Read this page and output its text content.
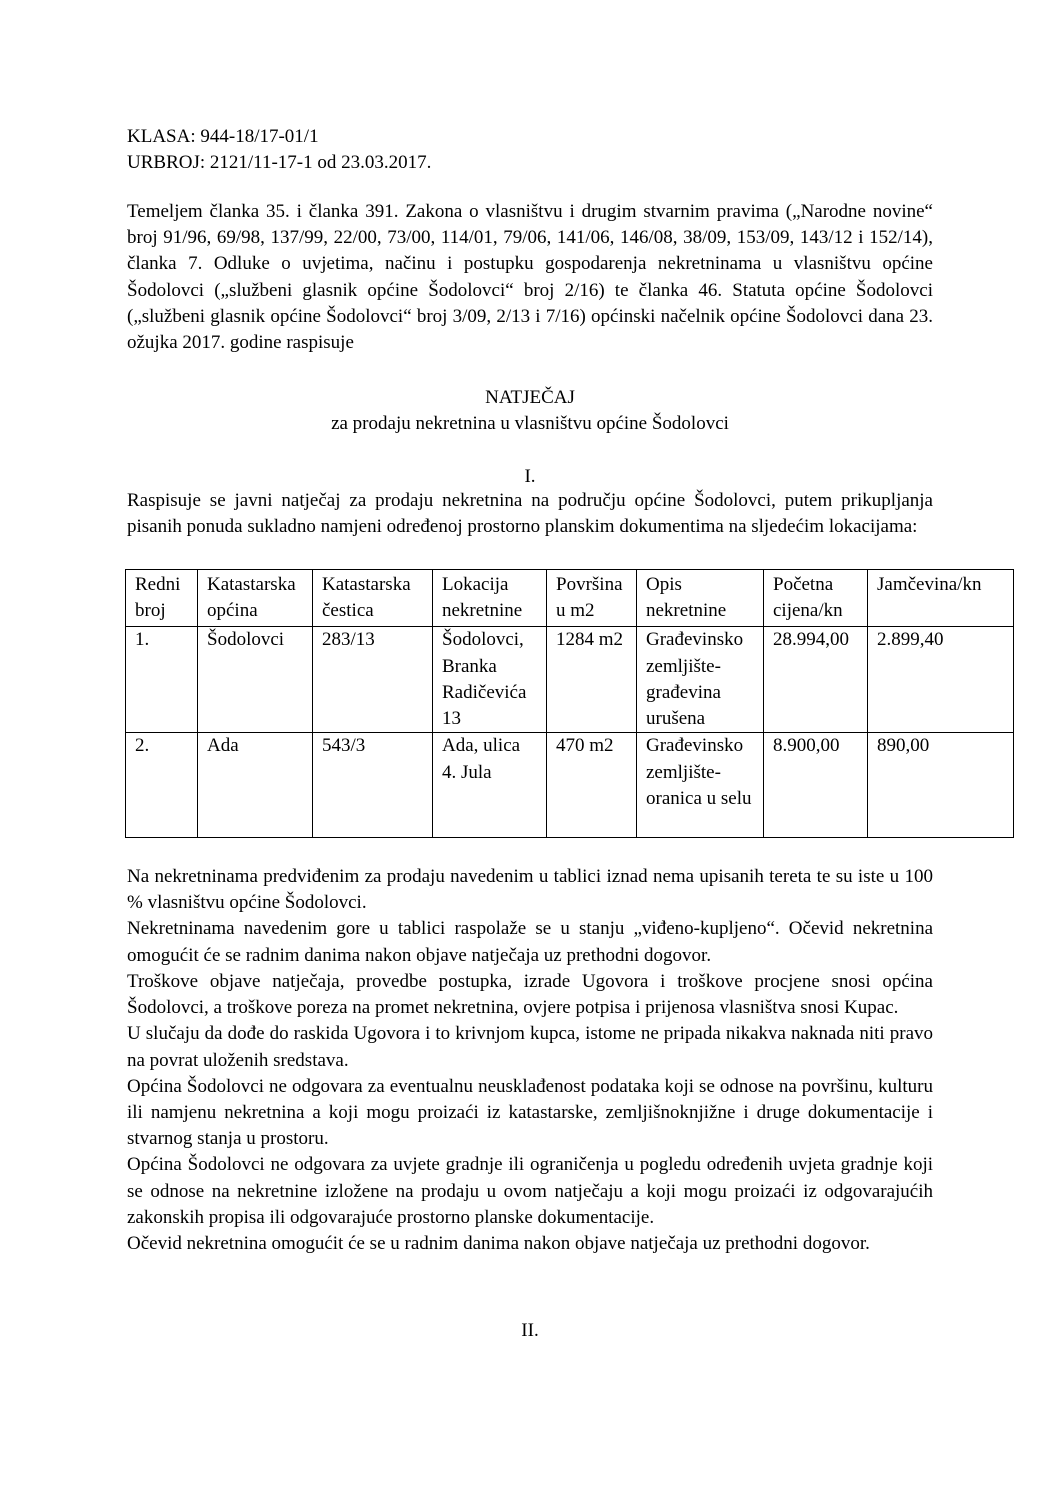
KLASA: 944-18/17-01/1
URBROJ: 2121/11-17-1 od 23.03.2017.
Temeljem članka 35. i članka 391. Zakona o vlasništvu i drugim stvarnim pravima („Narodne novine“ broj 91/96, 69/98, 137/99, 22/00, 73/00, 114/01, 79/06, 141/06, 146/08, 38/09, 153/09, 143/12 i 152/14), članka 7. Odluke o uvjetima, načinu i postupku gospodarenja nekretninama u vlasništvu općine Šodolovci („službeni glasnik općine Šodolovci“ broj 2/16) te članka 46. Statuta općine Šodolovci („službeni glasnik općine Šodolovci“ broj 3/09, 2/13 i 7/16) općinski načelnik općine Šodolovci dana 23. ožujka 2017. godine raspisuje
NATJEČAJ
za prodaju nekretnina u vlasništvu općine Šodolovci
I.
Raspisuje se javni natječaj za prodaju nekretnina na području općine Šodolovci, putem prikupljanja pisanih ponuda sukladno namjeni određenoj prostorno planskim dokumentima na sljedećim lokacijama:
Redni broj	Katastarska općina	Katastarska čestica	Lokacija nekretnine	Površina u m2	Opis nekretnine	Početna cijena/kn	Jamčevina/kn
1.	Šodolovci	283/13	Šodolovci, Branka Radičevića 13	1284 m2	Građevinsko zemljište-građevina urušena	28.994,00	2.899,40
2.	Ada	543/3	Ada, ulica 4. Jula	470 m2	Građevinsko zemljište-oranica u selu	8.900,00	890,00

Na nekretninama predviđenim za prodaju navedenim u tablici iznad nema upisanih tereta te su iste u 100 % vlasništvu općine Šodolovci.

Nekretninama navedenim gore u tablici raspolaže se u stanju „viđeno-kupljeno“. Očevid nekretnina omogućit će se radnim danima nakon objave natječaja uz prethodni dogovor.

Troškove objave natječaja, provedbe postupka, izrade Ugovora i troškove procjene snosi općina Šodolovci, a troškove poreza na promet nekretnina, ovjere potpisa i prijenosa vlasništva snosi Kupac.

U slučaju da dođe do raskida Ugovora i to krivnjom kupca, istome ne pripada nikakva naknada niti pravo na povrat uloženih sredstava.

Općina Šodolovci ne odgovara za eventualnu neusklađenost podataka koji se odnose na površinu, kulturu ili namjenu nekretnina a koji mogu proizaći iz katastarske, zemljišnoknjižne i druge dokumentacije i stvarnog stanja u prostoru.

Općina Šodolovci ne odgovara za uvjete gradnje ili ograničenja u pogledu određenih uvjeta gradnje koji se odnose na nekretnine izložene na prodaju u ovom natječaju a koji mogu proizaći iz odgovarajućih zakonskih propisa ili odgovarajuće prostorno planske dokumentacije.

Očevid nekretnina omogućit će se u radnim danima nakon objave natječaja uz prethodni dogovor.

II.
